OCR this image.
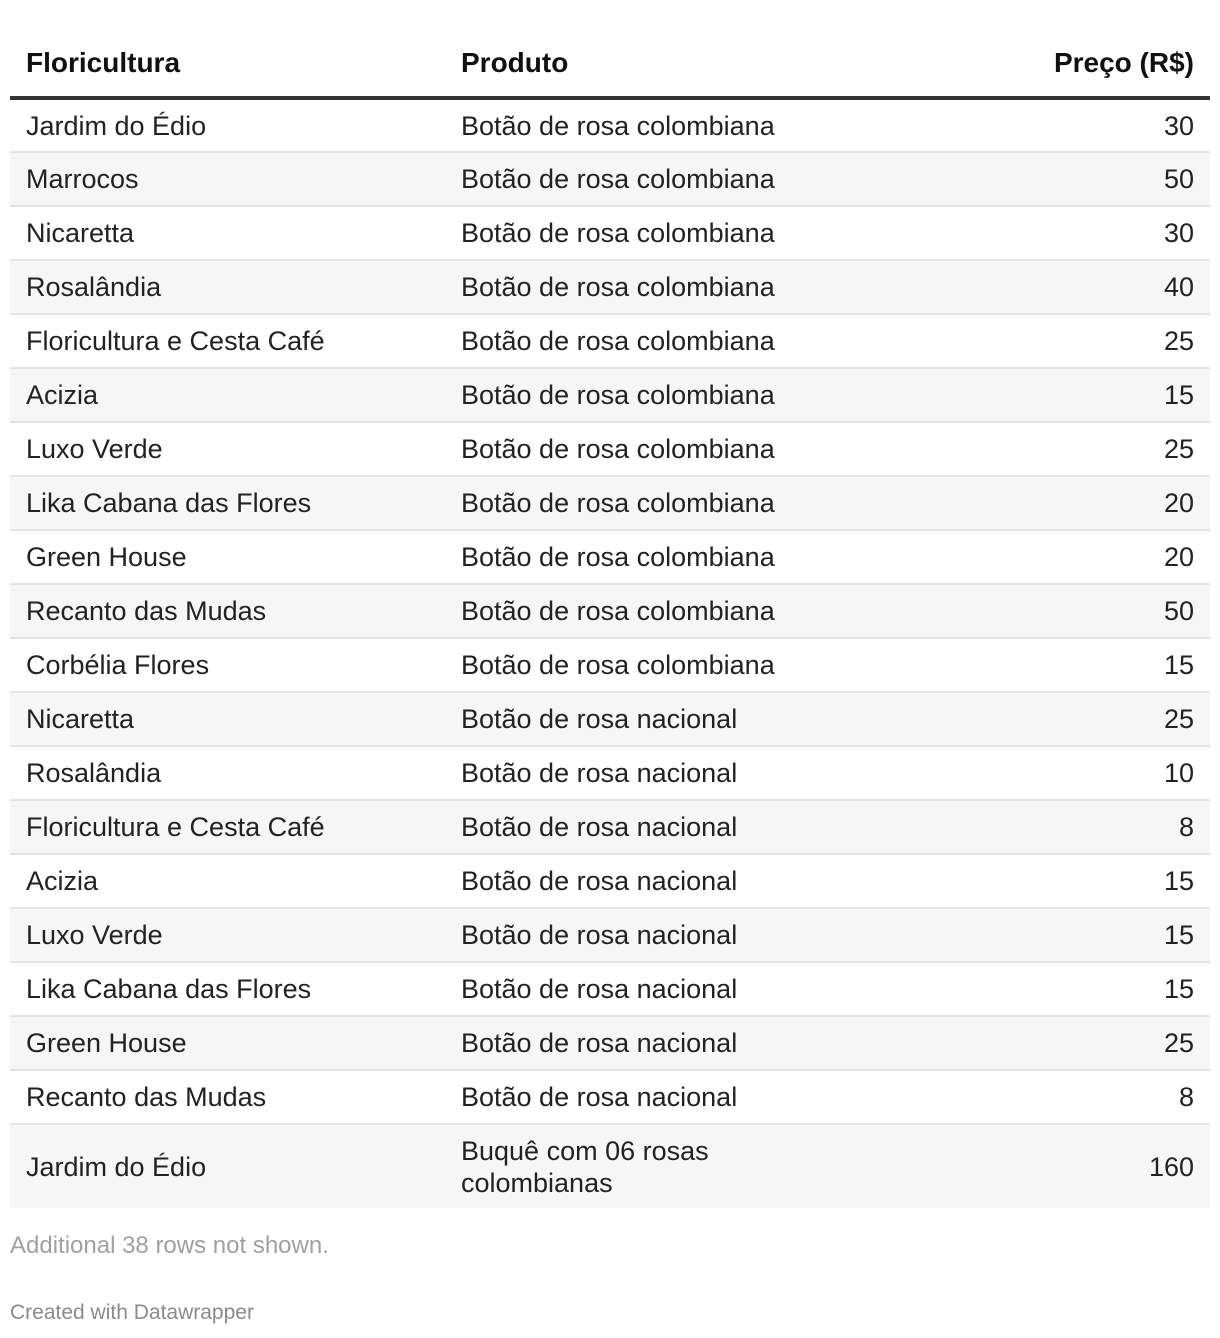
Floricultura	Produto	Preço (R$)
Jardim do Édio	Botão de rosa colombiana	30
Marrocos	Botão de rosa colombiana	50
Nicaretta	Botão de rosa colombiana	30
Rosalândia	Botão de rosa colombiana	40
Floricultura e Cesta Café	Botão de rosa colombiana	25
Acizia	Botão de rosa colombiana	15
Luxo Verde	Botão de rosa colombiana	25
Lika Cabana das Flores	Botão de rosa colombiana	20
Green House	Botão de rosa colombiana	20
Recanto das Mudas	Botão de rosa colombiana	50
Corbélia Flores	Botão de rosa colombiana	15
Nicaretta	Botão de rosa nacional	25
Rosalândia	Botão de rosa nacional	10
Floricultura e Cesta Café	Botão de rosa nacional	8
Acizia	Botão de rosa nacional	15
Luxo Verde	Botão de rosa nacional	15
Lika Cabana das Flores	Botão de rosa nacional	15
Green House	Botão de rosa nacional	25
Recanto das Mudas	Botão de rosa nacional	8
Jardim do Édio	Buquê com 06 rosas colombianas	160
Additional 38 rows not shown.
Created with Datawrapper
